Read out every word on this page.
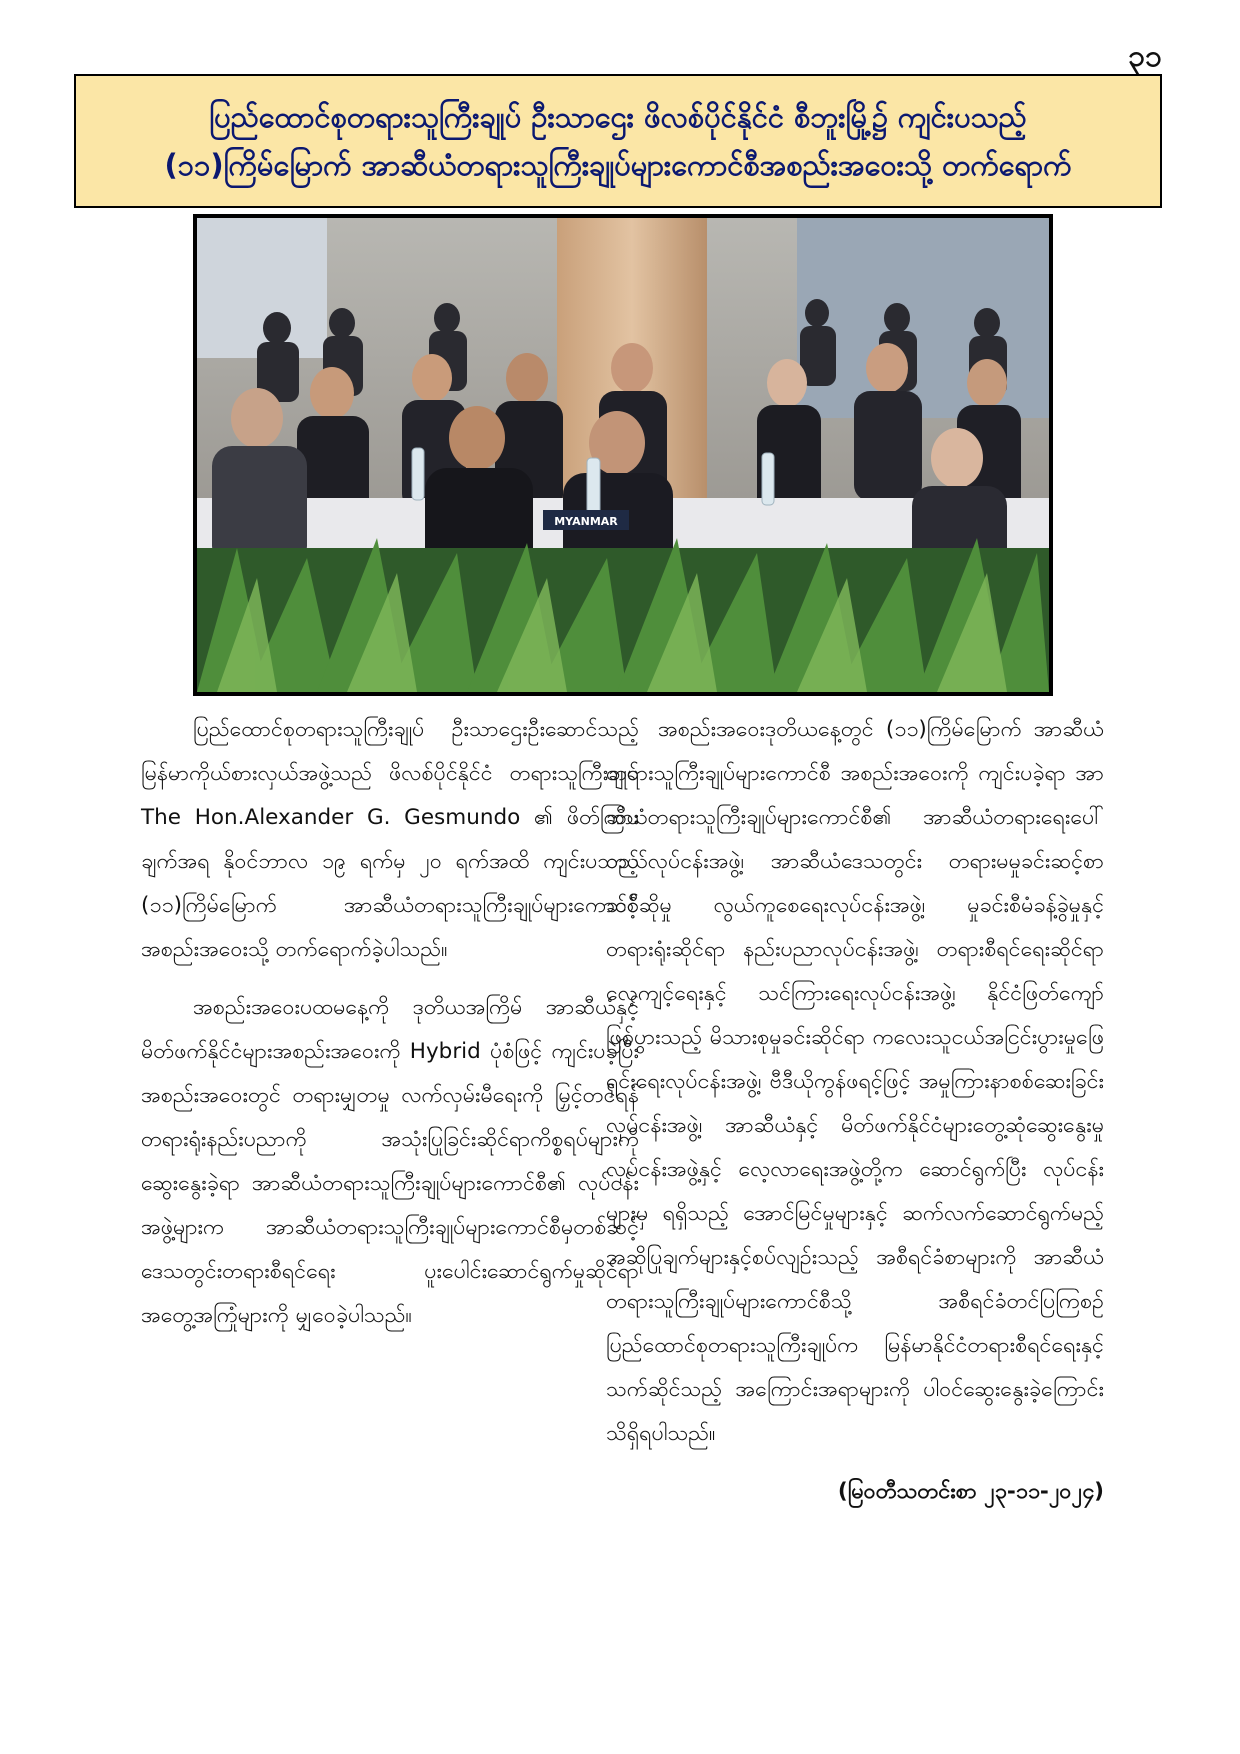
၃၁
ပြည်ထောင်စုတရားသူကြီးချုပ် ဦးသာဌေး ဖိလစ်ပိုင်နိုင်ငံ စီဘူးမြို့၌ ကျင်းပသည့်
(၁၁)ကြိမ်မြောက် အာဆီယံတရားသူကြီးချုပ်များကောင်စီအစည်းအဝေးသို့ တက်ရောက်
MYANMAR

ပြည်ထောင်စုတရားသူကြီးချုပ် ဦးသာဌေးဦးဆောင်သည့် မြန်မာကိုယ်စားလှယ်အဖွဲ့သည် ဖိလစ်ပိုင်နိုင်ငံ တရားသူကြီးချုပ် The Hon.Alexander G. Gesmundo ၏ ဖိတ်ကြားချက်အရ နိုဝင်ဘာလ ၁၉ ရက်မှ ၂၀ ရက်အထိ ကျင်းပသည့် (၁၁)ကြိမ်မြောက် အာဆီယံတရားသူကြီးချုပ်များကောင်စီ အစည်းအဝေးသို့ တက်ရောက်ခဲ့ပါသည်။

အစည်းအဝေးပထမနေ့ကို ဒုတိယအကြိမ် အာဆီယံနှင့် မိတ်ဖက်နိုင်ငံများအစည်းအဝေးကို Hybrid ပုံစံဖြင့် ကျင်းပခဲ့ပြီး အစည်းအဝေးတွင် တရားမျှတမှု လက်လှမ်းမီရေးကို မြှင့်တင်ရန် တရားရုံးနည်းပညာကို အသုံးပြုခြင်းဆိုင်ရာကိစ္စရပ်များကို ဆွေးနွေးခဲ့ရာ အာဆီယံတရားသူကြီးချုပ်များကောင်စီ၏ လုပ်ငန်းအဖွဲ့များက အာဆီယံတရားသူကြီးချုပ်များကောင်စီမှတစ်ဆင့် ဒေသတွင်းတရားစီရင်ရေး ပူးပေါင်းဆောင်ရွက်မှုဆိုင်ရာ အတွေ့အကြုံများကို မျှဝေခဲ့ပါသည်။

အစည်းအဝေးဒုတိယနေ့တွင် (၁၁)ကြိမ်မြောက် အာဆီယံတရားသူကြီးချုပ်များကောင်စီ အစည်းအဝေးကို ကျင်းပခဲ့ရာ အာဆီယံတရားသူကြီးချုပ်များကောင်စီ၏ အာဆီယံတရားရေးပေါ်တယ်လုပ်ငန်းအဖွဲ့၊ အာဆီယံဒေသတွင်း တရားမမှုခင်းဆင့်စာဆင့်ဆိုမှု လွယ်ကူစေရေးလုပ်ငန်းအဖွဲ့၊ မှုခင်းစီမံခန့်ခွဲမှုနှင့် တရားရုံးဆိုင်ရာ နည်းပညာလုပ်ငန်းအဖွဲ့၊ တရားစီရင်ရေးဆိုင်ရာ လေ့ကျင့်ရေးနှင့် သင်ကြားရေးလုပ်ငန်းအဖွဲ့၊ နိုင်ငံဖြတ်ကျော်ဖြစ်ပွားသည့် မိသားစုမှုခင်းဆိုင်ရာ ကလေးသူငယ်အငြင်းပွားမှုဖြေရှင်းရေးလုပ်ငန်းအဖွဲ့၊ ဗီဒီယိုကွန်ဖရင့်ဖြင့် အမှုကြားနာစစ်ဆေးခြင်းလုပ်ငန်းအဖွဲ့၊ အာဆီယံနှင့် မိတ်ဖက်နိုင်ငံများတွေ့ဆုံဆွေးနွေးမှုလုပ်ငန်းအဖွဲ့နှင့် လေ့လာရေးအဖွဲ့တို့က ဆောင်ရွက်ပြီး လုပ်ငန်းများမှ ရရှိသည့် အောင်မြင်မှုများနှင့် ဆက်လက်ဆောင်ရွက်မည့် အဆိုပြုချက်များနှင့်စပ်လျဉ်းသည့် အစီရင်ခံစာများကို အာဆီယံတရားသူကြီးချုပ်များကောင်စီသို့ အစီရင်ခံတင်ပြကြစဉ် ပြည်ထောင်စုတရားသူကြီးချုပ်က မြန်မာနိုင်ငံတရားစီရင်ရေးနှင့်သက်ဆိုင်သည့် အကြောင်းအရာများကို ပါဝင်ဆွေးနွေးခဲ့ကြောင်း သိရှိရပါသည်။

(မြဝတီသတင်းစာ ၂၃-၁၁-၂၀၂၄)
